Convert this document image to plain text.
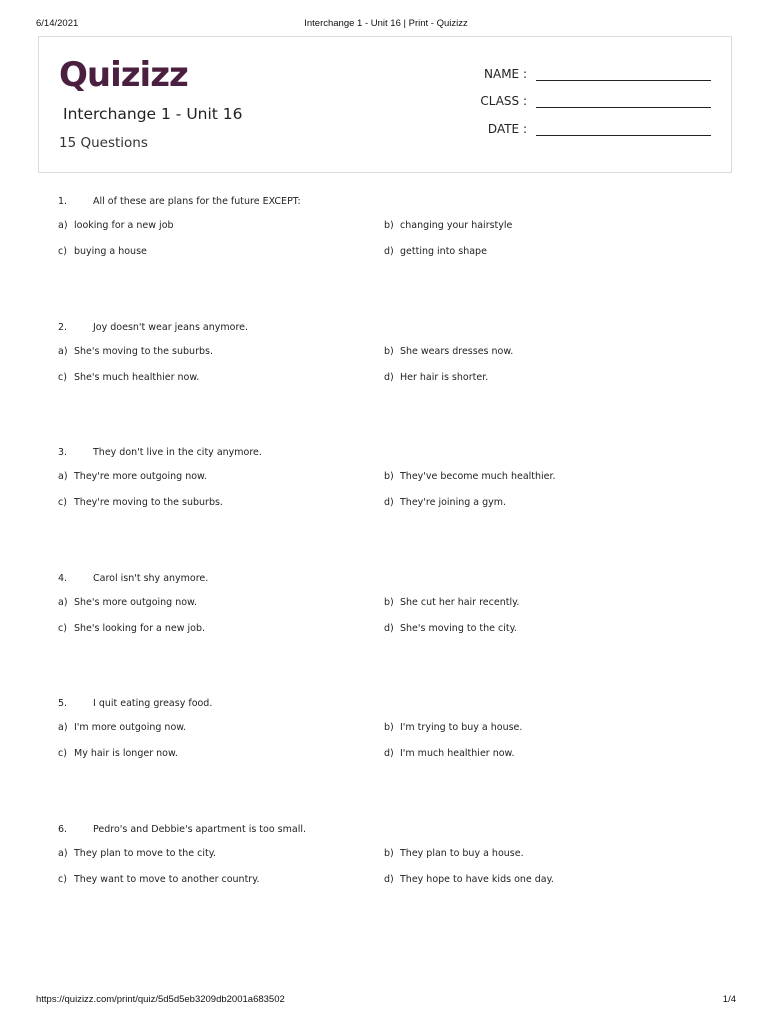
6/14/2021	Interchange 1 - Unit 16 | Print - Quizizz
Quizizz
Interchange 1 - Unit 16
15 Questions
NAME :
CLASS :
DATE :
1.	All of these are plans for the future EXCEPT:
a) looking for a new job	b) changing your hairstyle
c) buying a house	d) getting into shape
2.	Joy doesn't wear jeans anymore.
a) She's moving to the suburbs.	b) She wears dresses now.
c) She's much healthier now.	d) Her hair is shorter.
3.	They don't live in the city anymore.
a) They're more outgoing now.	b) They've become much healthier.
c) They're moving to the suburbs.	d) They're joining a gym.
4.	Carol isn't shy anymore.
a) She's more outgoing now.	b) She cut her hair recently.
c) She's looking for a new job.	d) She's moving to the city.
5.	I quit eating greasy food.
a) I'm more outgoing now.	b) I'm trying to buy a house.
c) My hair is longer now.	d) I'm much healthier now.
6.	Pedro's and Debbie's apartment is too small.
a) They plan to move to the city.	b) They plan to buy a house.
c) They want to move to another country.	d) They hope to have kids one day.
https://quizizz.com/print/quiz/5d5d5eb3209db2001a683502	1/4
